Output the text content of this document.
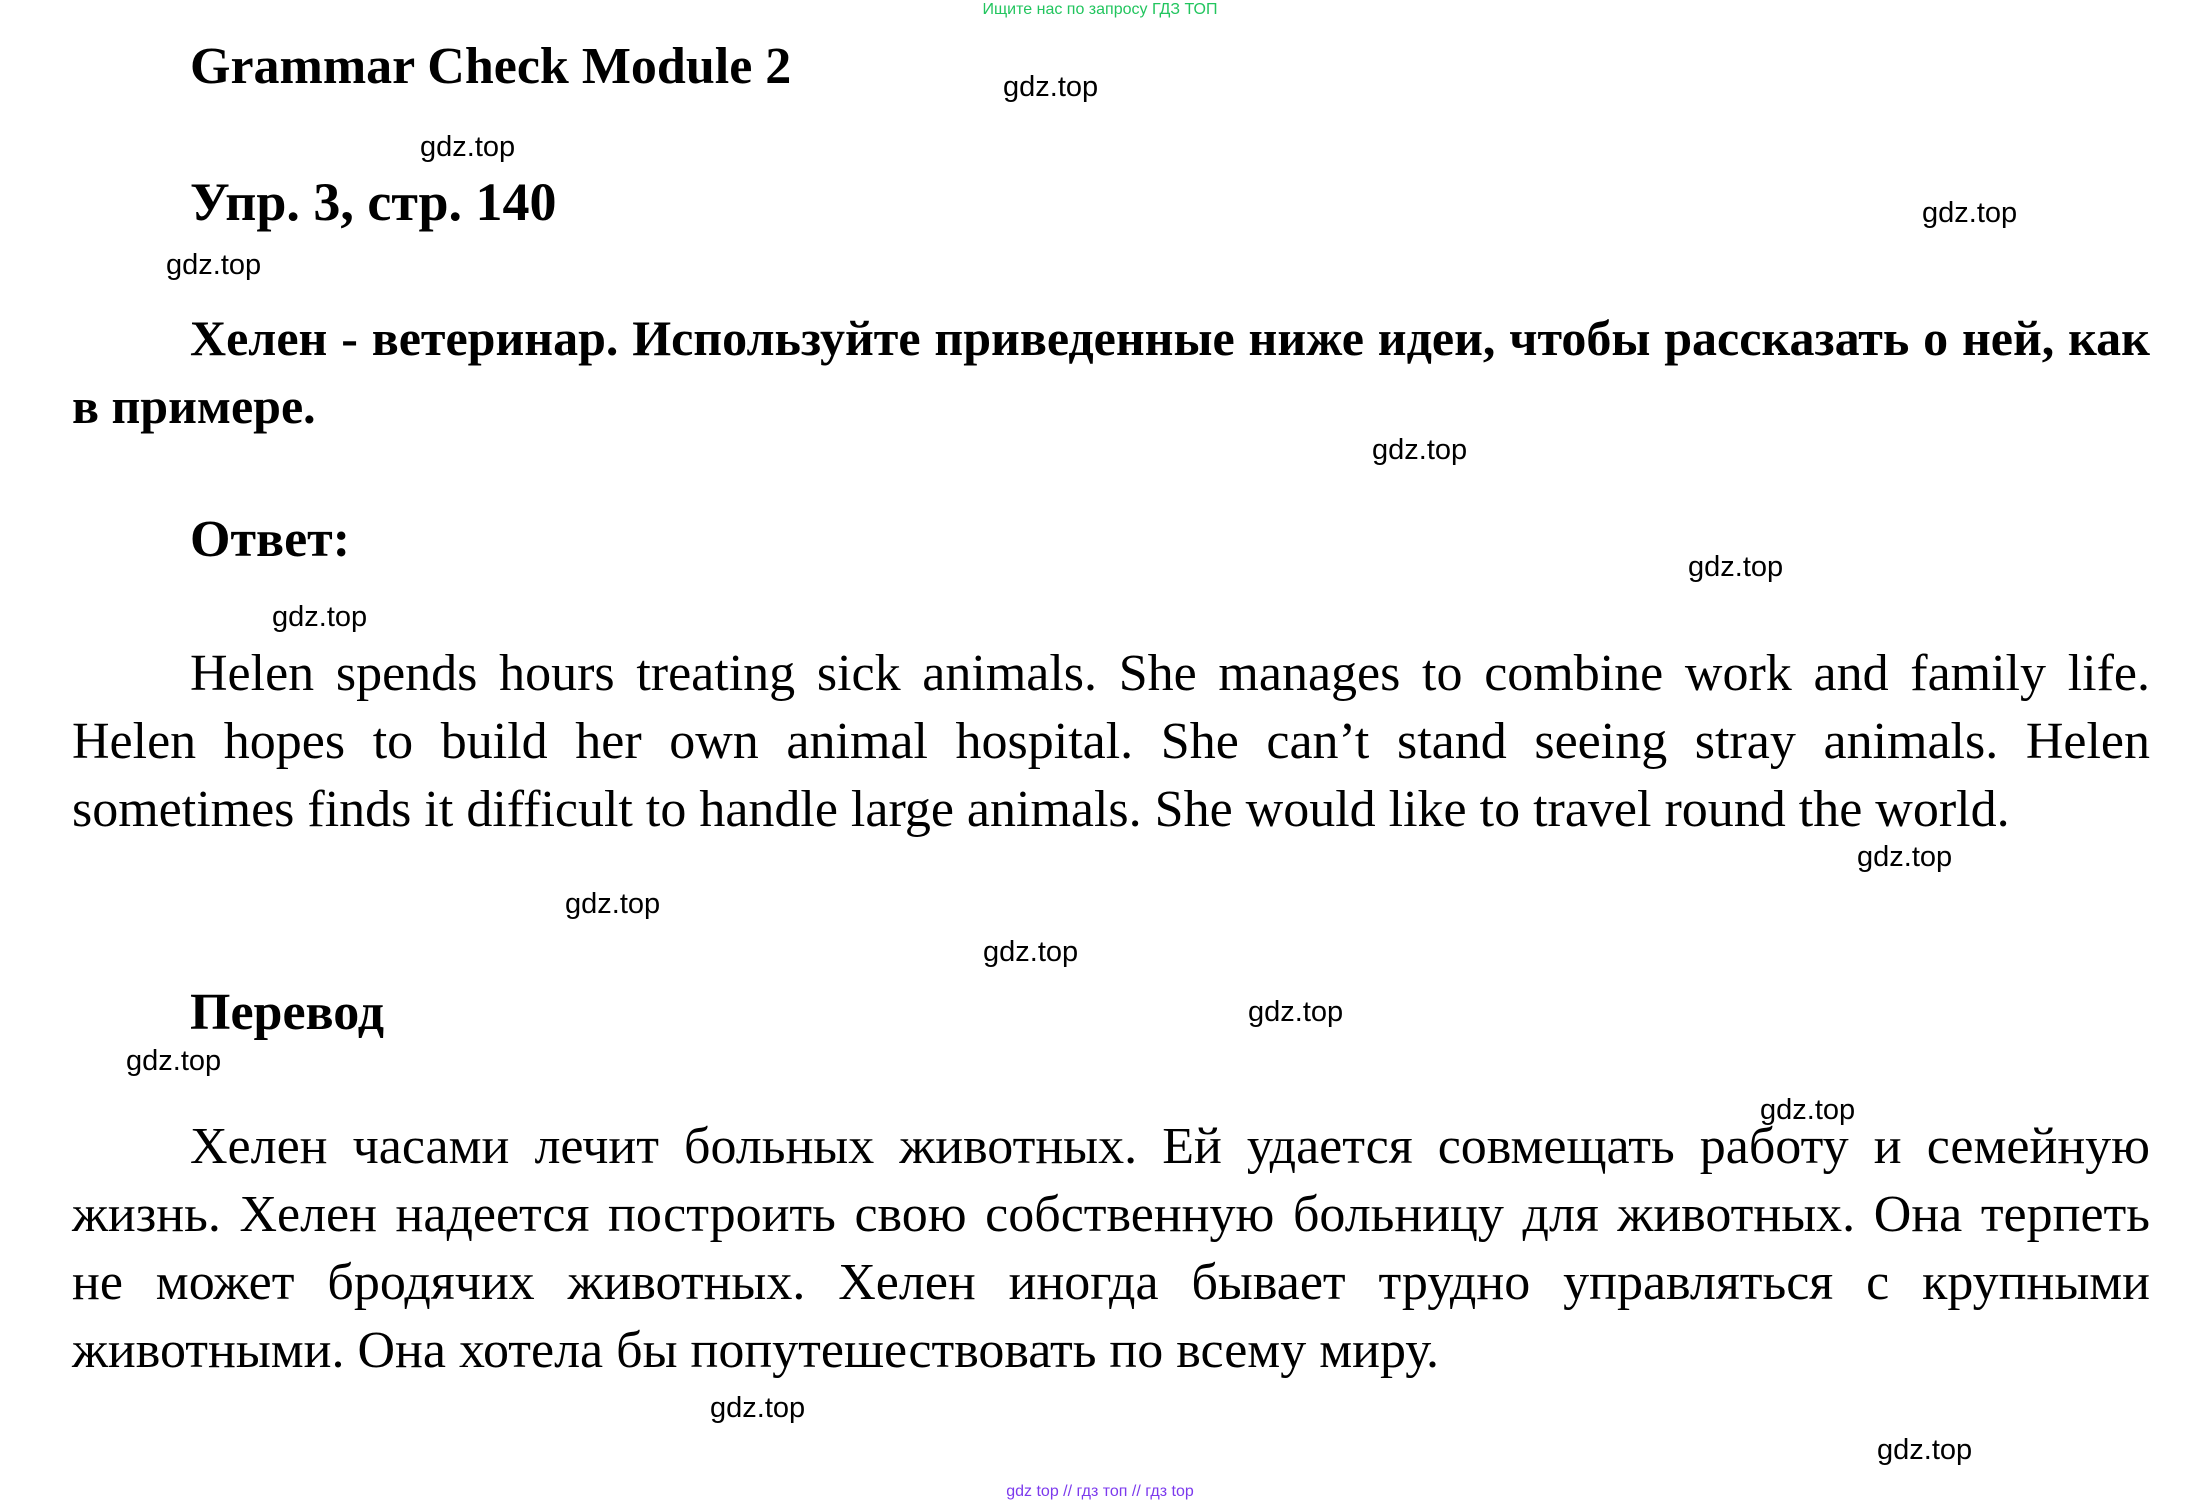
Ищите нас по запросу ГДЗ ТОП
Grammar Check Module 2
Упр. 3, стр. 140

Хелен - ветеринар. Используйте приведенные ниже идеи, чтобы рассказать о ней, как в примере.

Ответ:

Helen spends hours treating sick animals. She manages to combine work and family life. Helen hopes to build her own animal hospital. She can’t stand seeing stray animals. Helen sometimes finds it difficult to handle large animals. She would like to travel round the world.

Перевод

Хелен часами лечит больных животных. Ей удается совмещать работу и семейную жизнь. Хелен надеется построить свою собственную больницу для животных. Она терпеть не может бродячих животных. Хелен иногда бывает трудно управляться с крупными животными. Она хотела бы попутешествовать по всему миру.

gdz.top
gdz.top
gdz.top
gdz.top
gdz.top
gdz.top
gdz.top
gdz.top
gdz.top
gdz.top
gdz.top
gdz.top
gdz.top
gdz.top
gdz.top
gdz top // гдз топ // гдз top
